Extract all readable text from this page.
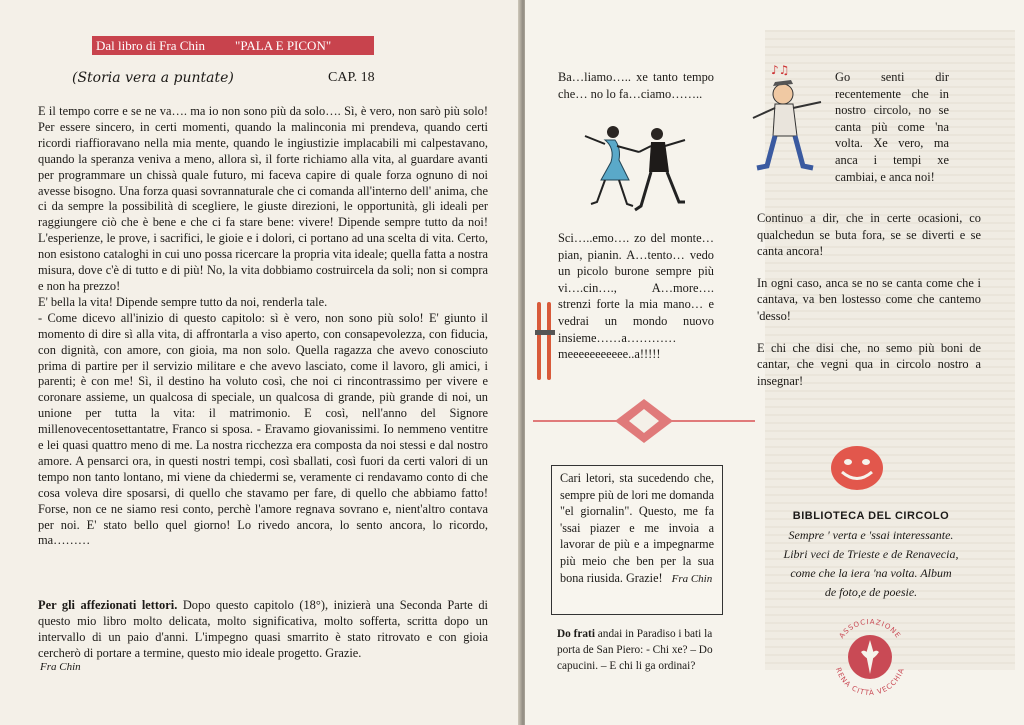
Dal libro di Fra Chin "PALA E PICON"
(Storia vera a puntate)	CAP. 18

E il tempo corre e se ne va…. ma io non sono più da solo…. Sì, è vero, non sarò più solo! Per essere sincero, in certi momenti, quando la malinconia mi prendeva, quando certi ricordi riaffioravano nella mia mente, quando le ingiustizie implacabili mi calpestavano, quando la speranza veniva a meno, allora sì, il forte richiamo alla vita, al guardare avanti per programmare un chissà quale futuro, mi faceva capire di quale forza ognuno di noi avesse bisogno. Una forza quasi sovrannaturale che ci comanda all'interno dell' anima, che ci da sempre la possibilità di scegliere, le giuste direzioni, le opportunità, gli ideali per raggiungere ciò che è bene e che ci fa stare bene: vivere! Dipende sempre tutto da noi! L'esperienze, le prove, i sacrifici, le gioie e i dolori, ci portano ad una scelta di vita. Certo, non esistono cataloghi in cui uno possa ricercare la propria vita ideale; quella fatta a nostra misura, dove c'è di tutto e di più! No, la vita dobbiamo costruircela da soli; non si compra e non ha prezzo!

E' bella la vita! Dipende sempre tutto da noi, renderla tale.

- Come dicevo all'inizio di questo capitolo: sì è vero, non sono più solo! E' giunto il momento di dire sì alla vita, di affrontarla a viso aperto, con consapevolezza, con fiducia, con dignità, con amore, con gioia, ma non solo. Quella ragazza che avevo conosciuto prima di partire per il servizio militare e che avevo lasciato, come il lavoro, gli amici, i parenti; è con me! Sì, il destino ha voluto così, che noi ci rincontrassimo per vivere e coronare assieme, un qualcosa di speciale, un qualcosa di grande, più grande di noi, un unione per tutta la vita: il matrimonio. E così, nell'anno del Signore millenovecentosettantatre, Franco si sposa. - Eravamo giovanissimi. Io nemmeno ventitre e lei quasi quattro meno di me. La nostra ricchezza era composta da noi stessi e dal nostro amore. A pensarci ora, in questi nostri tempi, così sballati, così fuori da certi valori di un tempo non tanto lontano, mi viene da chiedermi se, veramente ci rendavamo conto di che cosa voleva dire sposarsi, di quello che stavamo per fare, di quello che abbiamo fatto! Forse, non ce ne siamo resi conto, perchè l'amore regnava sovrano e, nient'altro contava per noi. E' stato bello quel giorno! Lo rivedo ancora, lo sento ancora, lo ricordo, ma………

Per gli affezionati lettori. Dopo questo capitolo (18°), inizierà una Seconda Parte di questo mio libro molto delicata, molto significativa, molto sofferta, scritta dopo un intervallo di un paio d'anni. L'impegno quasi smarrito è stato ritrovato e con gioia cercherò di portare a termine, questo mio ideale progetto. Grazie.
Fra Chin
Ba…liamo….. xe tanto tempo che… no lo fa…ciamo……..
♪♫
Sci…..emo…. zo del monte… pian, pianin. A…tento… vedo un picolo burone sempre più vi….cin…., A…more…. strenzi forte la mia mano… e vedrai un mondo nuovo insieme……a………… meeeeeeeeeee..a!!!!!
Go senti dir recentemente che in nostro circolo, no se canta più come 'na volta. Xe vero, ma anca i tempi xe cambiai, e anca noi!

Continuo a dir, che in certe ocasioni, co qualchedun se buta fora, se se diverti e se canta ancora!

In ogni caso, anca se no se canta come che i cantava, va ben lostesso come che cantemo 'desso!

E chi che disi che, no semo più boni de cantar, che vegni qua in circolo nostro a insegnar!

BIBLIOTECA DEL CIRCOLO
Sempre ' verta e 'ssai interessante.
Libri veci de Trieste e de Renavecia,
come che la iera 'na volta. Album
de foto,e de poesie.
Cari letori, sta sucedendo che, sempre più de lori me domanda "el giornalin". Questo, me fa 'ssai piazer e me invoia a lavorar de più e a impegnarme più meio che ben per la sua bona riusida. Grazie! Fra Chin
Do frati andai in Paradiso i bati la porta de San Piero: - Chi xe? – Do capucini. – E chi li ga ordinai?
ASSOCIAZIONE
RENA CITTÀ VECCHIA
